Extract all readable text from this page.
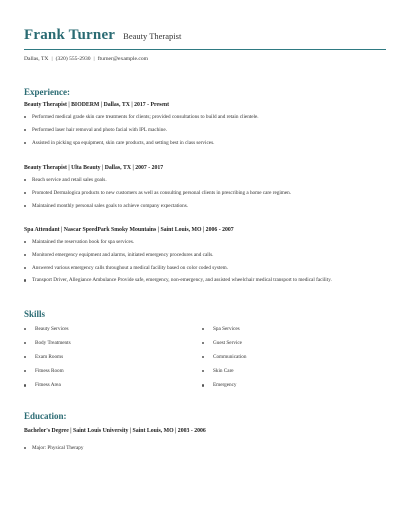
Frank Turner Beauty Therapist
Dallas, TX | (320) 555-2930 | fturner@example.com
Experience:
Beauty Therapist | BIODERM | Dallas, TX | 2017 - Present
Performed medical grade skin care treatments for clients; provided consultations to build and retain clientele.
Performed laser hair removal and photo facial with IPL machine.
Assisted in picking spa equipment, skin care products, and setting best in class services.
Beauty Therapist | Ulta Beauty | Dallas, TX | 2007 - 2017
Reach service and retail sales goals.
Promoted Dermalogica products to new customers as well as consulting personal clients in prescribing a home care regimen.
Maintained monthly personal sales goals to achieve company expectations.
Spa Attendant | Nascar SpeedPark Smoky Mountains | Saint Louis, MO | 2006 - 2007
Maintained the reservation book for spa services.
Monitored emergency equipment and alarms, initiated emergency procedures and calls.
Answered various emergency calls throughout a medical facility based on color coded system.
Transport Driver, Allegiance Ambulance Provide safe, emergency, non-emergency, and assisted wheelchair medical transport to medical facility.
Skills
Beauty Services
Body Treatments
Exam Rooms
Fitness Room
Fitness Area
Spa Services
Guest Service
Communication
Skin Care
Emergency
Education:
Bachelor's Degree | Saint Louis University | Saint Louis, MO | 2003 - 2006
Major: Physical Therapy
